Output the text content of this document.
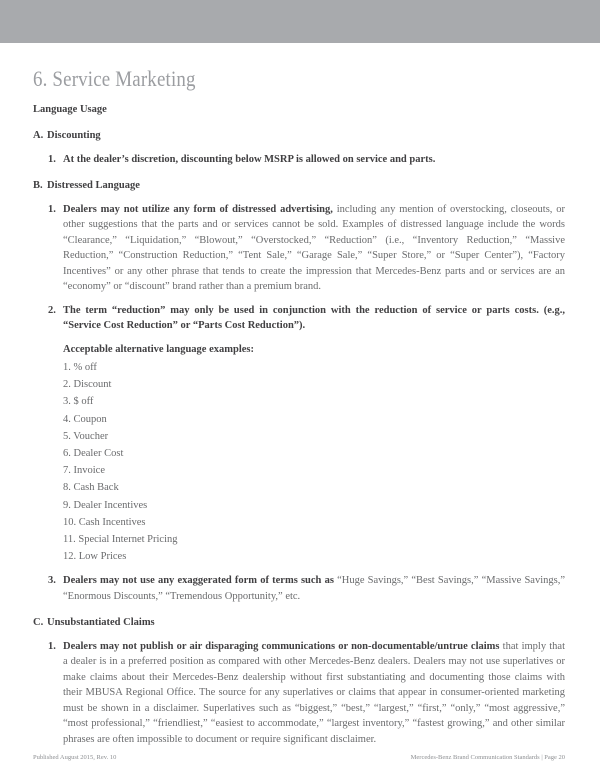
6. Service Marketing
Language Usage
A. Discounting
1. At the dealer’s discretion, discounting below MSRP is allowed on service and parts.
B. Distressed Language
1. Dealers may not utilize any form of distressed advertising, including any mention of overstocking, closeouts, or other suggestions that the parts and or services cannot be sold. Examples of distressed language include the words “Clearance,” “Liquidation,” “Blowout,” “Overstocked,” “Reduction” (i.e., “Inventory Reduction,” “Massive Reduction,” “Construction Reduction,” “Tent Sale,” “Garage Sale,” “Super Store,” or “Super Center”), “Factory Incentives” or any other phrase that tends to create the impression that Mercedes-Benz parts and or services are an “economy” or “discount” brand rather than a premium brand.
2. The term “reduction” may only be used in conjunction with the reduction of service or parts costs. (e.g., “Service Cost Reduction” or “Parts Cost Reduction”).
Acceptable alternative language examples:
1. % off
2. Discount
3. $ off
4. Coupon
5. Voucher
6. Dealer Cost
7. Invoice
8. Cash Back
9. Dealer Incentives
10. Cash Incentives
11. Special Internet Pricing
12. Low Prices
3. Dealers may not use any exaggerated form of terms such as “Huge Savings,” “Best Savings,” “Massive Savings,” “Enormous Discounts,” “Tremendous Opportunity,” etc.
C. Unsubstantiated Claims
1. Dealers may not publish or air disparaging communications or non-documentable/untrue claims that imply that a dealer is in a preferred position as compared with other Mercedes-Benz dealers. Dealers may not use superlatives or make claims about their Mercedes-Benz dealership without first substantiating and documenting those claims with their MBUSA Regional Office. The source for any superlatives or claims that appear in consumer-oriented marketing must be shown in a disclaimer. Superlatives such as “biggest,” “best,” “largest,” “first,” “only,” “most aggressive,” “most professional,” “friendliest,” “easiest to accommodate,” “largest inventory,” “fastest growing,” and other similar phrases are often impossible to document or require significant disclaimer.
Published August 2015, Rev. 10	Mercedes-Benz Brand Communication Standards | Page 20
